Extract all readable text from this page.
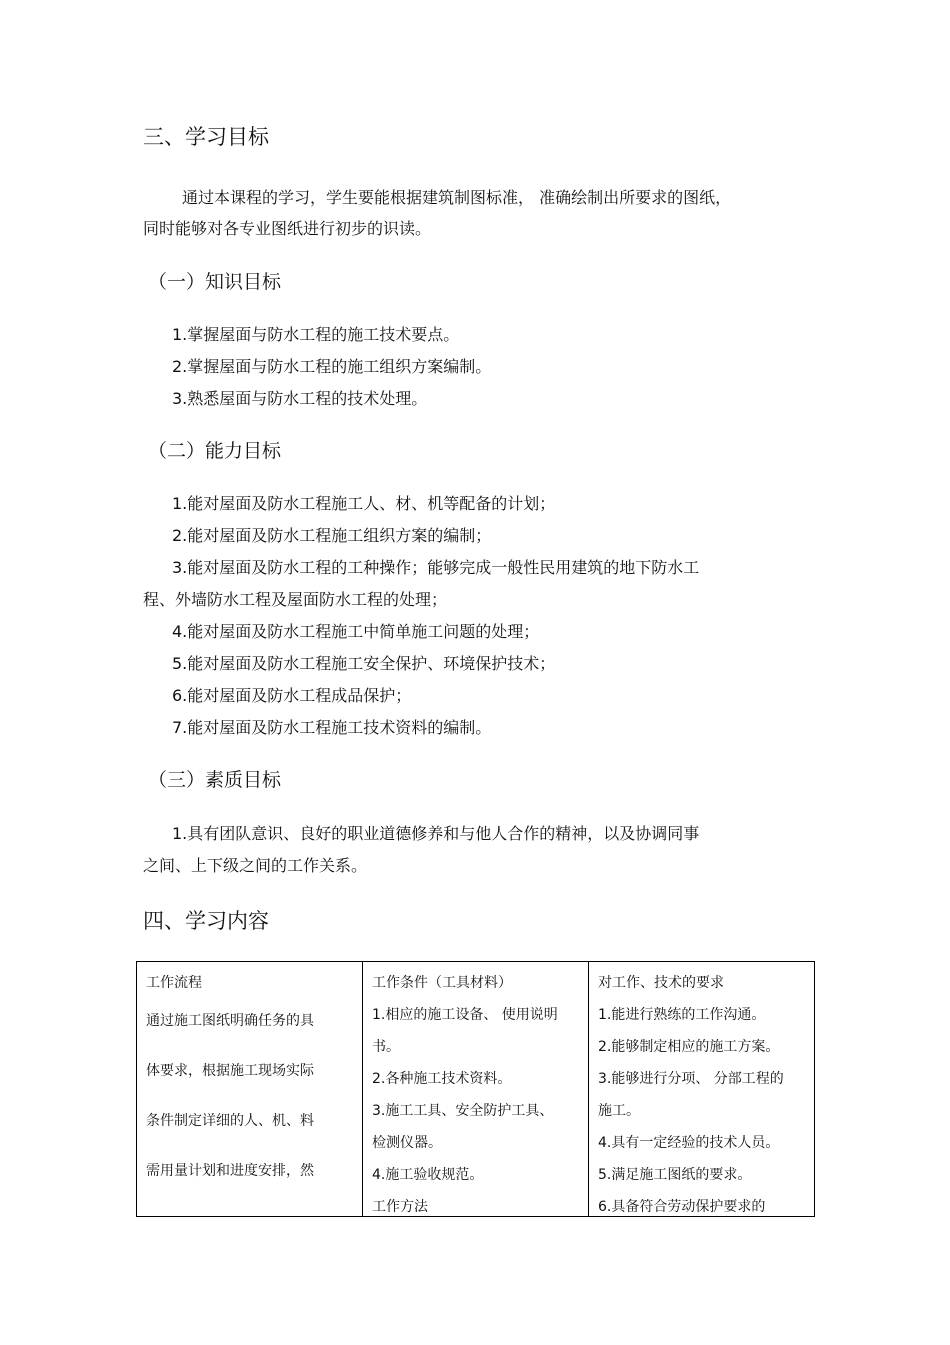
三、学习目标
通过本课程的学习，学生要能根据建筑制图标准， 准确绘制出所要求的图纸，
同时能够对各专业图纸进行初步的识读。
（一）知识目标
1.掌握屋面与防水工程的施工技术要点。
2.掌握屋面与防水工程的施工组织方案编制。
3.熟悉屋面与防水工程的技术处理。
（二）能力目标
1.能对屋面及防水工程施工人、材、机等配备的计划；
2.能对屋面及防水工程施工组织方案的编制；
3.能对屋面及防水工程的工种操作；能够完成一般性民用建筑的地下防水工
程、外墙防水工程及屋面防水工程的处理；
4.能对屋面及防水工程施工中简单施工问题的处理；
5.能对屋面及防水工程施工安全保护、环境保护技术；
6.能对屋面及防水工程成品保护；
7.能对屋面及防水工程施工技术资料的编制。
（三）素质目标
1.具有团队意识、良好的职业道德修养和与他人合作的精神，以及协调同事
之间、上下级之间的工作关系。
四、学习内容
工作流程
通过施工图纸明确任务的具
体要求，根据施工现场实际
条件制定详细的人、机、料
需用量计划和进度安排，然

工作条件（工具材料）
1.相应的施工设备、 使用说明
书。
2.各种施工技术资料。
3.施工工具、安全防护工具、
检测仪器。
4.施工验收规范。
工作方法

对工作、技术的要求
1.能进行熟练的工作沟通。
2.能够制定相应的施工方案。
3.能够进行分项、 分部工程的
施工。
4.具有一定经验的技术人员。
5.满足施工图纸的要求。
6.具备符合劳动保护要求的
